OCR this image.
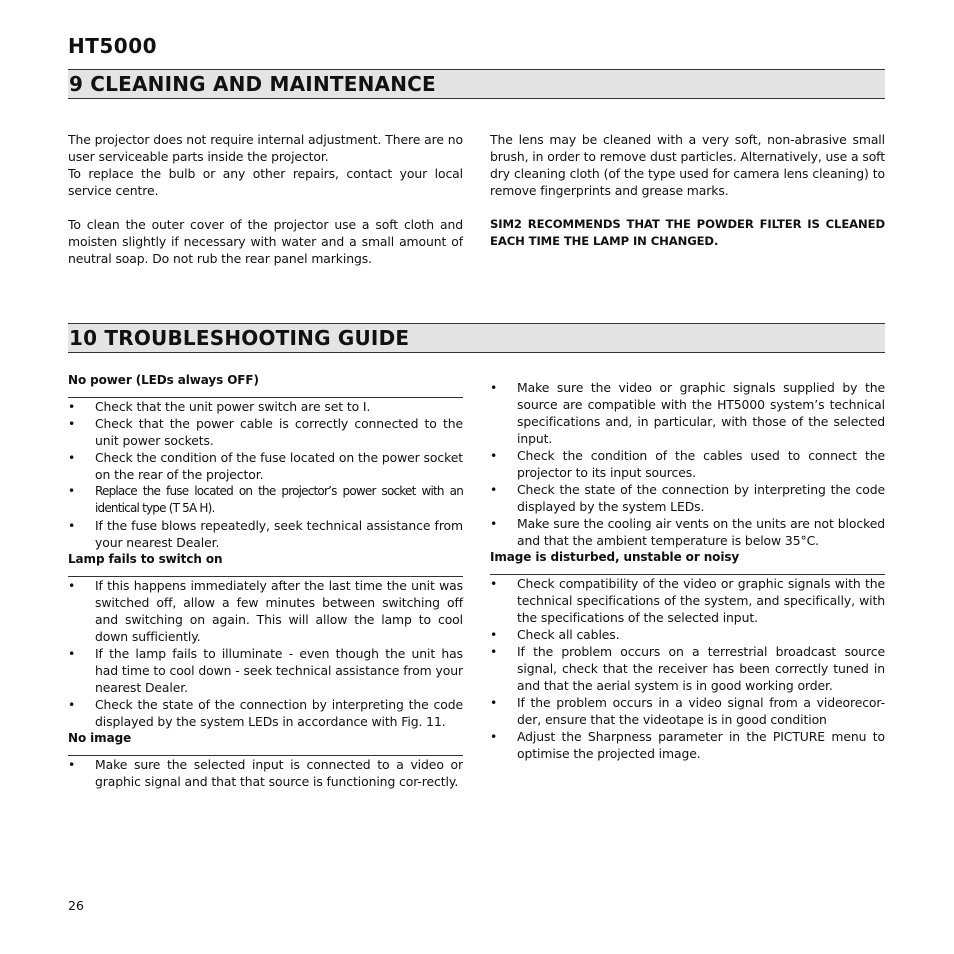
HT5000
9 CLEANING AND MAINTENANCE

The projector does not require internal adjustment. There are no user serviceable parts inside the projector.

To replace the bulb or any other repairs, contact your local service centre.

To clean the outer cover of the projector use a soft cloth and moisten slightly if necessary with water and a small amount of neutral soap. Do not rub the rear panel markings.

The lens may be cleaned with a very soft, non-abrasive small brush, in order to remove dust particles. Alternatively, use a soft dry cleaning cloth (of the type used for camera lens cleaning) to remove fingerprints and grease marks.

SIM2 RECOMMENDS THAT THE POWDER FILTER IS CLEANED EACH TIME THE LAMP IN CHANGED.

10 TROUBLESHOOTING GUIDE

No power (LEDs always OFF)

• Check that the unit power switch are set to I.
• Check that the power cable is correctly connected to the unit power sockets.
• Check the condition of the fuse located on the power socket on the rear of the projector.
• Replace the fuse located on the projector’s power socket with an identical type (T 5A H).
• If the fuse blows repeatedly, seek technical assistance from your nearest Dealer.

Lamp fails to switch on

• If this happens immediately after the last time the unit was switched off, allow a few minutes between switching off and switching on again. This will allow the lamp to cool down sufficiently.
• If the lamp fails to illuminate - even though the unit has had time to cool down - seek technical assistance from your nearest Dealer.
• Check the state of the connection by interpreting the code displayed by the system LEDs in accordance with Fig. 11.

No image

• Make sure the selected input is connected to a video or graphic signal and that that source is functioning cor-rectly.
• Make sure the video or graphic signals supplied by the source are compatible with the HT5000 system’s technical specifications and, in particular, with those of the selected input.
• Check the condition of the cables used to connect the projector to its input sources.
• Check the state of the connection by interpreting the code displayed by the system LEDs.
• Make sure the cooling air vents on the units are not blocked and that the ambient temperature is below 35°C.

Image is disturbed, unstable or noisy

• Check compatibility of the video or graphic signals with the technical specifications of the system, and specifically, with the specifications of the selected input.
• Check all cables.
• If the problem occurs on a terrestrial broadcast source signal, check that the receiver has been correctly tuned in and that the aerial system is in good working order.
• If the problem occurs in a video signal from a videorecor-der, ensure that the videotape is in good condition
• Adjust the Sharpness parameter in the PICTURE menu to optimise the projected image.

26
